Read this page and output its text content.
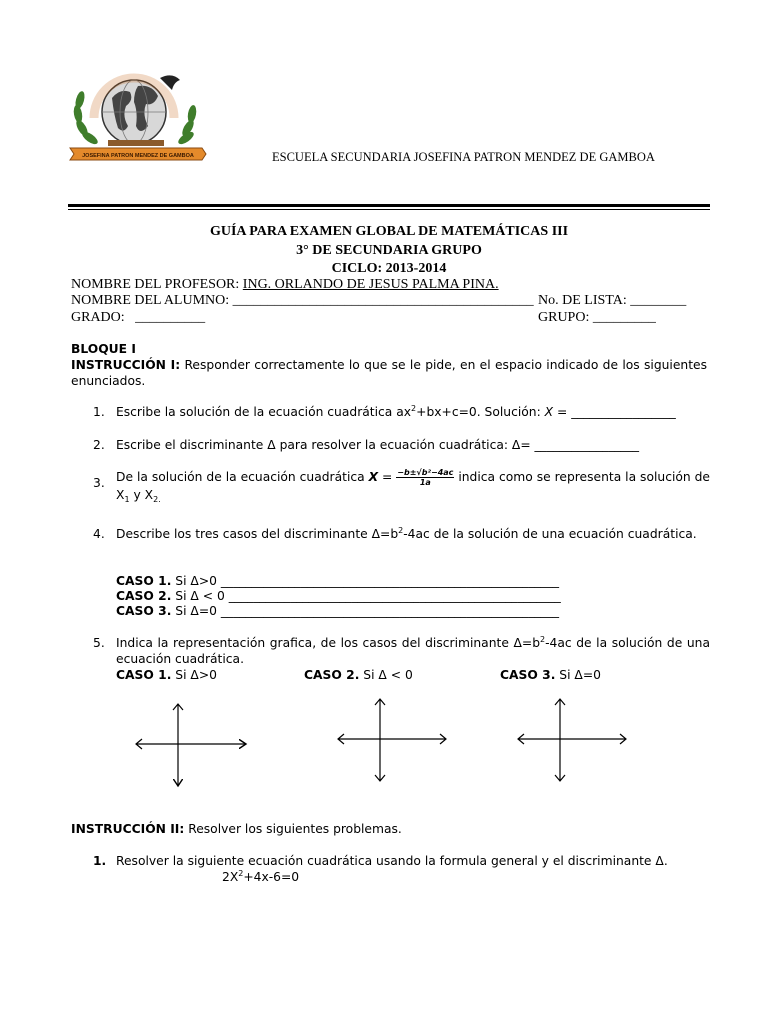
JOSEFINA PATRON MENDEZ DE GAMBOA	ESCUELA SECUNDARIA JOSEFINA PATRON MENDEZ DE GAMBOA
GUÍA PARA EXAMEN GLOBAL DE MATEMÁTICAS III
3° DE SECUNDARIA GRUPO
CICLO: 2013-2014
NOMBRE DEL PROFESOR: ING. ORLANDO DE JESUS PALMA PINA.
NOMBRE DEL ALUMNO: ___________________________________________ No. DE LISTA: ________
GRADO: __________	GRUPO: _________
BLOQUE I
INSTRUCCIÓN I: Responder correctamente lo que se le pide, en el espacio indicado de los siguientes enunciados.
1. Escribe la solución de la ecuación cuadrática $ax^2+bx+c=0$. Solución: X = _________________
2. Escribe el discriminante Δ para resolver la ecuación cuadrática: Δ= _________________
3. De la solución de la ecuación cuadrática $X = \frac{\text{−b±√b²−4ac}}{1a}$ indica como se representa la solución de $X_1$ y $X_{2.}$
4. Describe los tres casos del discriminante $\Delta=b^2-4ac$ de la solución de una ecuación cuadrática.
CASO 1. Si Δ>0 _______________________________________________________
CASO 2. Si Δ < 0 ______________________________________________________
CASO 3. Si Δ=0 _______________________________________________________
5. Indica la representación grafica, de los casos del discriminante $\Delta=b^2-4ac$ de la solución de una ecuación cuadrática.
CASO 1. Si Δ>0	CASO 2. Si Δ < 0	CASO 3. Si Δ=0
INSTRUCCIÓN II: Resolver los siguientes problemas.
1. Resolver la siguiente ecuación cuadrática usando la formula general y el discriminante Δ.
$2X^2+4x-6=0$
